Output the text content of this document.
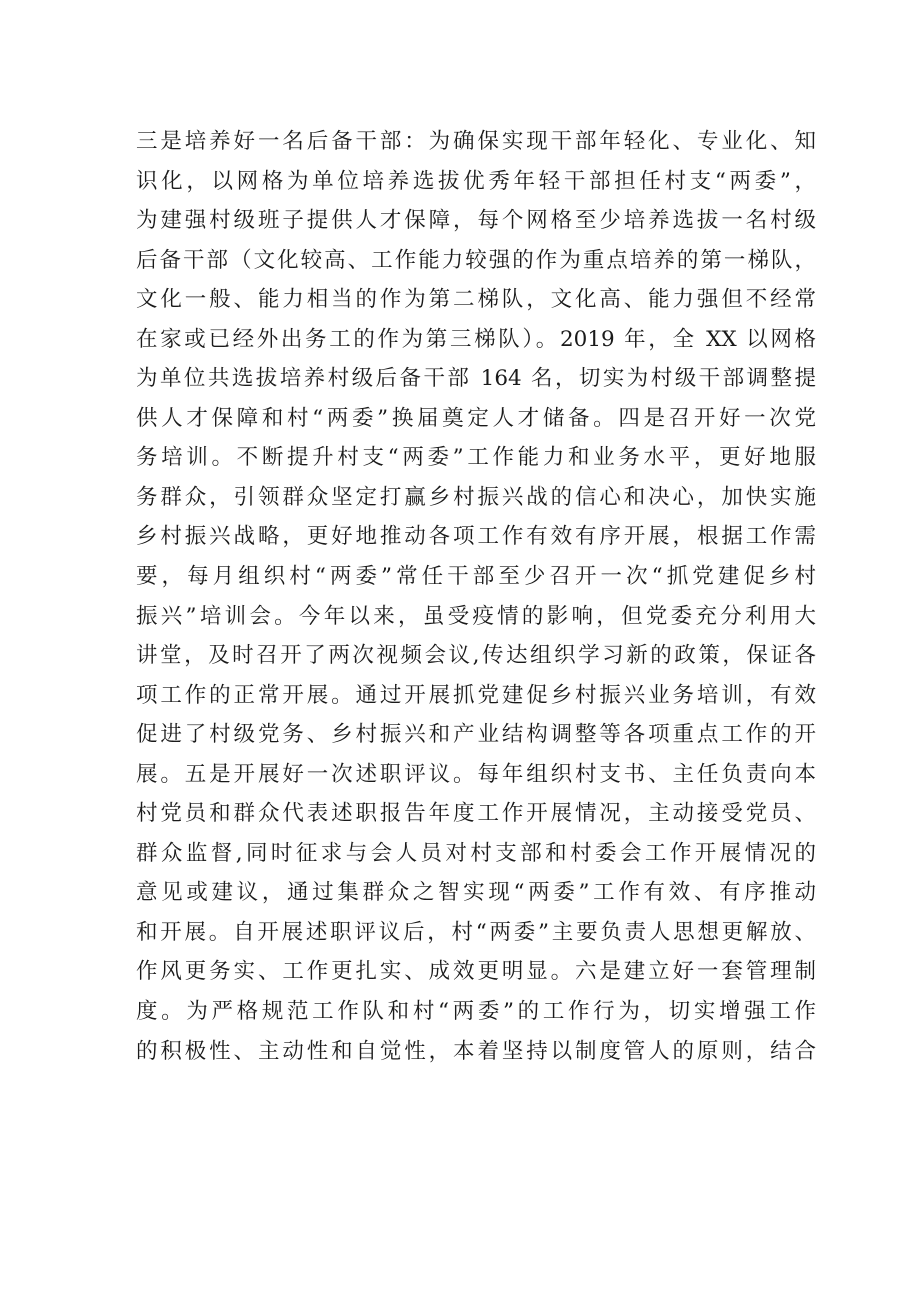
三是培养好一名后备干部：为确保实现干部年轻化、专业化、知
识化，以网格为单位培养选拔优秀年轻干部担任村支“两委”，
为建强村级班子提供人才保障，每个网格至少培养选拔一名村级
后备干部（文化较高、工作能力较强的作为重点培养的第一梯队，
文化一般、能力相当的作为第二梯队，文化高、能力强但不经常
在家或已经外出务工的作为第三梯队）。2019 年，全 XX 以网格
为单位共选拔培养村级后备干部 164 名，切实为村级干部调整提
供人才保障和村“两委”换届奠定人才储备。四是召开好一次党
务培训。不断提升村支“两委”工作能力和业务水平，更好地服
务群众，引领群众坚定打赢乡村振兴战的信心和决心，加快实施
乡村振兴战略，更好地推动各项工作有效有序开展，根据工作需
要，每月组织村“两委”常任干部至少召开一次“抓党建促乡村
振兴”培训会。今年以来，虽受疫情的影响，但党委充分利用大
讲堂，及时召开了两次视频会议,传达组织学习新的政策，保证各
项工作的正常开展。通过开展抓党建促乡村振兴业务培训，有效
促进了村级党务、乡村振兴和产业结构调整等各项重点工作的开
展。五是开展好一次述职评议。每年组织村支书、主任负责向本
村党员和群众代表述职报告年度工作开展情况，主动接受党员、
群众监督,同时征求与会人员对村支部和村委会工作开展情况的
意见或建议，通过集群众之智实现“两委”工作有效、有序推动
和开展。自开展述职评议后，村“两委”主要负责人思想更解放、
作风更务实、工作更扎实、成效更明显。六是建立好一套管理制
度。为严格规范工作队和村“两委”的工作行为，切实增强工作
的积极性、主动性和自觉性，本着坚持以制度管人的原则，结合
